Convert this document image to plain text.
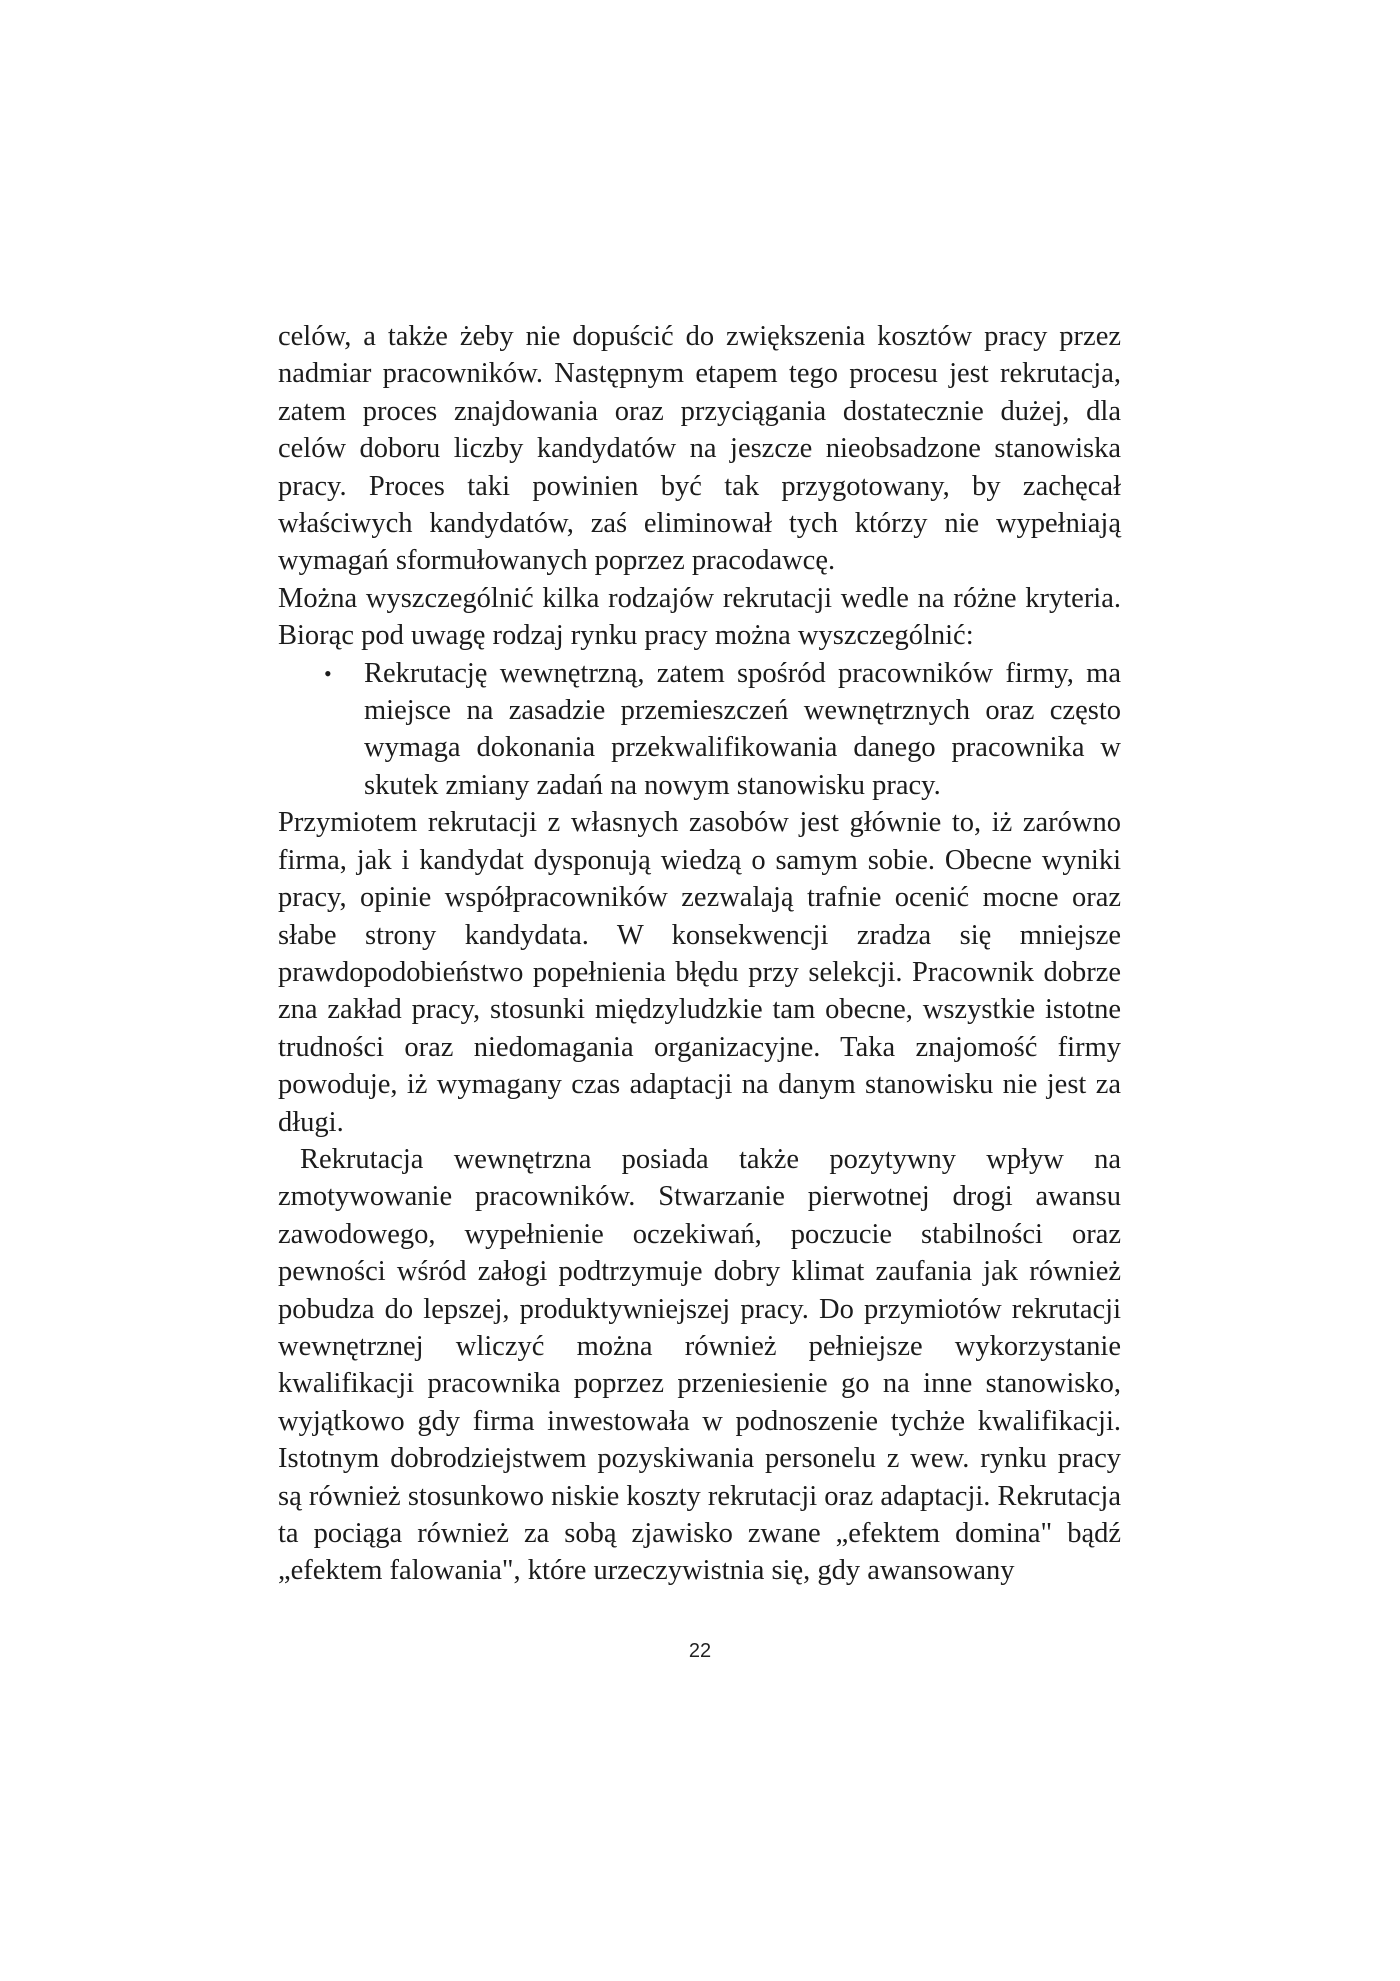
celów, a także żeby nie dopuścić do zwiększenia kosztów pracy przez nadmiar pracowników. Następnym etapem tego procesu jest rekrutacja, zatem proces znajdowania oraz przyciągania dostatecznie dużej, dla celów doboru liczby kandydatów na jeszcze nieobsadzone stanowiska pracy. Proces taki powinien być tak przygotowany, by zachęcał właściwych kandydatów, zaś eliminował tych którzy nie wypełniają wymagań sformułowanych poprzez pracodawcę.

Można wyszczególnić kilka rodzajów rekrutacji wedle na różne kryteria. Biorąc pod uwagę rodzaj rynku pracy można wyszczególnić:

• Rekrutację wewnętrzną, zatem spośród pracowników firmy, ma miejsce na zasadzie przemieszczeń wewnętrznych oraz często wymaga dokonania przekwalifikowania danego pracownika w skutek zmiany zadań na nowym stanowisku pracy.

Przymiotem rekrutacji z własnych zasobów jest głównie to, iż zarówno firma, jak i kandydat dysponują wiedzą o samym sobie. Obecne wyniki pracy, opinie współpracowników zezwalają trafnie ocenić mocne oraz słabe strony kandydata. W konsekwencji zradza się mniejsze prawdopodobieństwo popełnienia błędu przy selekcji. Pracownik dobrze zna zakład pracy, stosunki międzyludzkie tam obecne, wszystkie istotne trudności oraz niedomagania organizacyjne. Taka znajomość firmy powoduje, iż wymagany czas adaptacji na danym stanowisku nie jest za długi.

Rekrutacja wewnętrzna posiada także pozytywny wpływ na zmotywowanie pracowników. Stwarzanie pierwotnej drogi awansu zawodowego, wypełnienie oczekiwań, poczucie stabilności oraz pewności wśród załogi podtrzymuje dobry klimat zaufania jak również pobudza do lepszej, produktywniejszej pracy. Do przymiotów rekrutacji wewnętrznej wliczyć można również pełniejsze wykorzystanie kwalifikacji pracownika poprzez przeniesienie go na inne stanowisko, wyjątkowo gdy firma inwestowała w podnoszenie tychże kwalifikacji. Istotnym dobrodziejstwem pozyskiwania personelu z wew. rynku pracy są również stosunkowo niskie koszty rekrutacji oraz adaptacji. Rekrutacja ta pociąga również za sobą zjawisko zwane „efektem domina" bądź „efektem falowania", które urzeczywistnia się, gdy awansowany

22
